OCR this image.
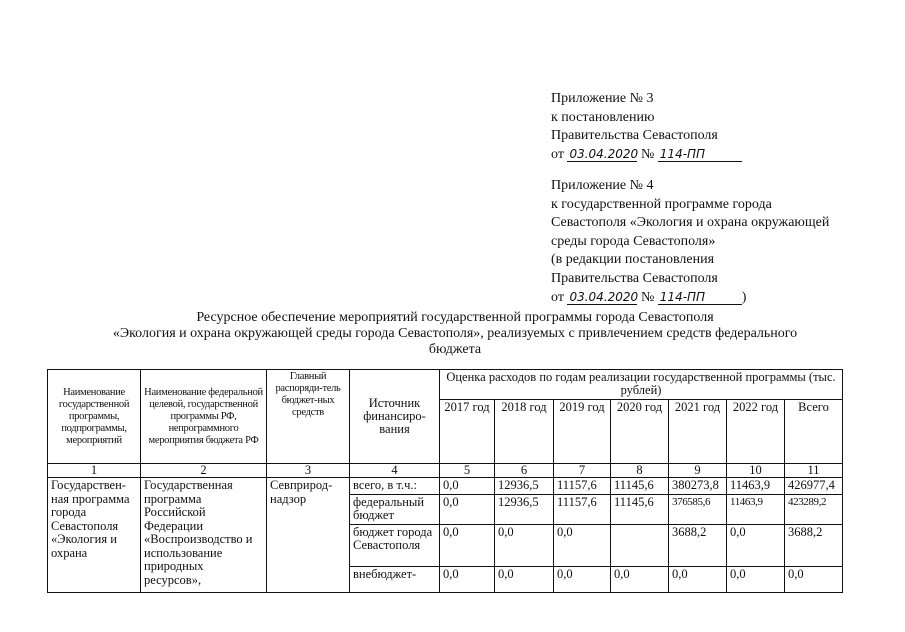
Приложение № 3
к постановлению
Правительства Севастополя
от 03.04.2020 № 114-ПП
Приложение № 4
к государственной программе города
Севастополя «Экология и охрана окружающей
среды города Севастополя»
(в редакции постановления
Правительства Севастополя
от 03.04.2020 № 114-ПП	)
Ресурсное обеспечение мероприятий государственной программы города Севастополя
«Экология и охрана окружающей среды города Севастополя», реализуемых с привлечением средств федерального
бюджета
Наименование государственной программы, подпрограммы, мероприятий	Наименование федеральной целевой, государственной программы РФ, непрограммного мероприятия бюджета РФ	Главный распоряди-тель бюджет-ных средств	Источник финансиро-вания	Оценка расходов по годам реализации государственной программы (тыс. рублей)						
				2017 год	2018 год	2019 год	2020 год	2021 год	2022 год	Всего
1	2	3	4	5	6	7	8	9	10	11
Государствен-ная программа города Севастополя «Экология и охрана	Государственная программа Российской Федерации «Воспроизводство и использование природных ресурсов»,	Севприрод-надзор	всего, в т.ч.:	0,0	12936,5	11157,6	11145,6	380273,8	11463,9	426977,4
			федеральный бюджет	0,0	12936,5	11157,6	11145,6	376585,6	11463,9	423289,2
			бюджет города Севастополя	0,0	0,0	0,0		3688,2	0,0	3688,2
			внебюджет-	0,0	0,0	0,0	0,0	0,0	0,0	0,0
